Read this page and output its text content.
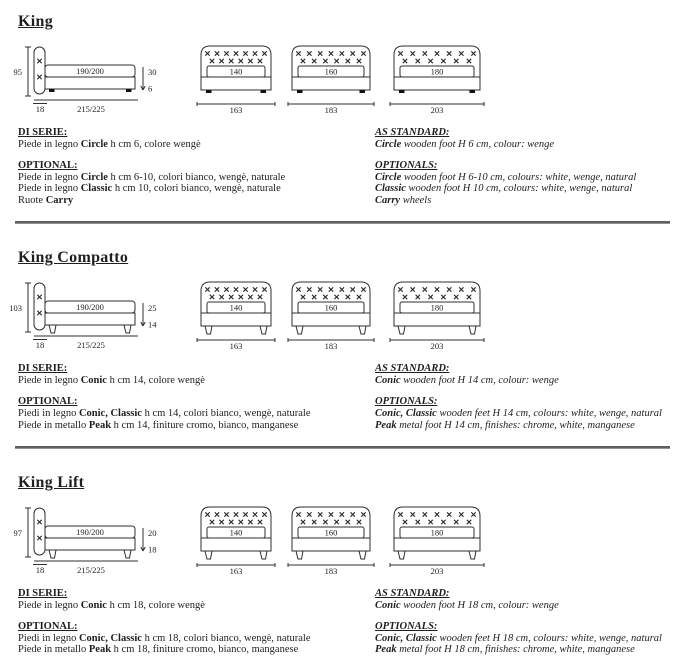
King
95	190/200	30
6
18	215/225
140
163
160
183
180
203
DI SERIE:

Piede in legno Circle h cm 6, colore wengè

OPTIONAL:

Piede in legno Circle h cm 6-10, colori bianco, wengè, naturale

Piede in legno Classic h cm 10, colori bianco, wengè, naturale

Ruote Carry

AS STANDARD:

Circle wooden foot H 6 cm, colour: wenge

OPTIONALS:

Circle wooden foot H 6-10 cm, colours: white, wenge, natural

Classic wooden foot H 10 cm, colours: white, wenge, natural

Carry wheels

King Compatto
103	190/200	25
14
18	215/225
140
163
160
183
180
203
DI SERIE:

Piede in legno Conic h cm 14, colore wengè

OPTIONAL:

Piedi in legno Conic, Classic h cm 14, colori bianco, wengè, naturale

Piede in metallo Peak h cm 14, finiture cromo, bianco, manganese

AS STANDARD:

Conic wooden foot H 14 cm, colour: wenge

OPTIONALS:

Conic, Classic wooden feet H 14 cm, colours: white, wenge, natural

Peak metal foot H 14 cm, finishes: chrome, white, manganese

King Lift
97	190/200	20
18
18	215/225
140
163
160
183
180
203
DI SERIE:

Piede in legno Conic h cm 18, colore wengè

OPTIONAL:

Piedi in legno Conic, Classic h cm 18, colori bianco, wengè, naturale

Piede in metallo Peak h cm 18, finiture cromo, bianco, manganese

AS STANDARD:

Conic wooden foot H 18 cm, colour: wenge

OPTIONALS:

Conic, Classic wooden feet H 18 cm, colours: white, wenge, natural

Peak metal foot H 18 cm, finishes: chrome, white, manganese
